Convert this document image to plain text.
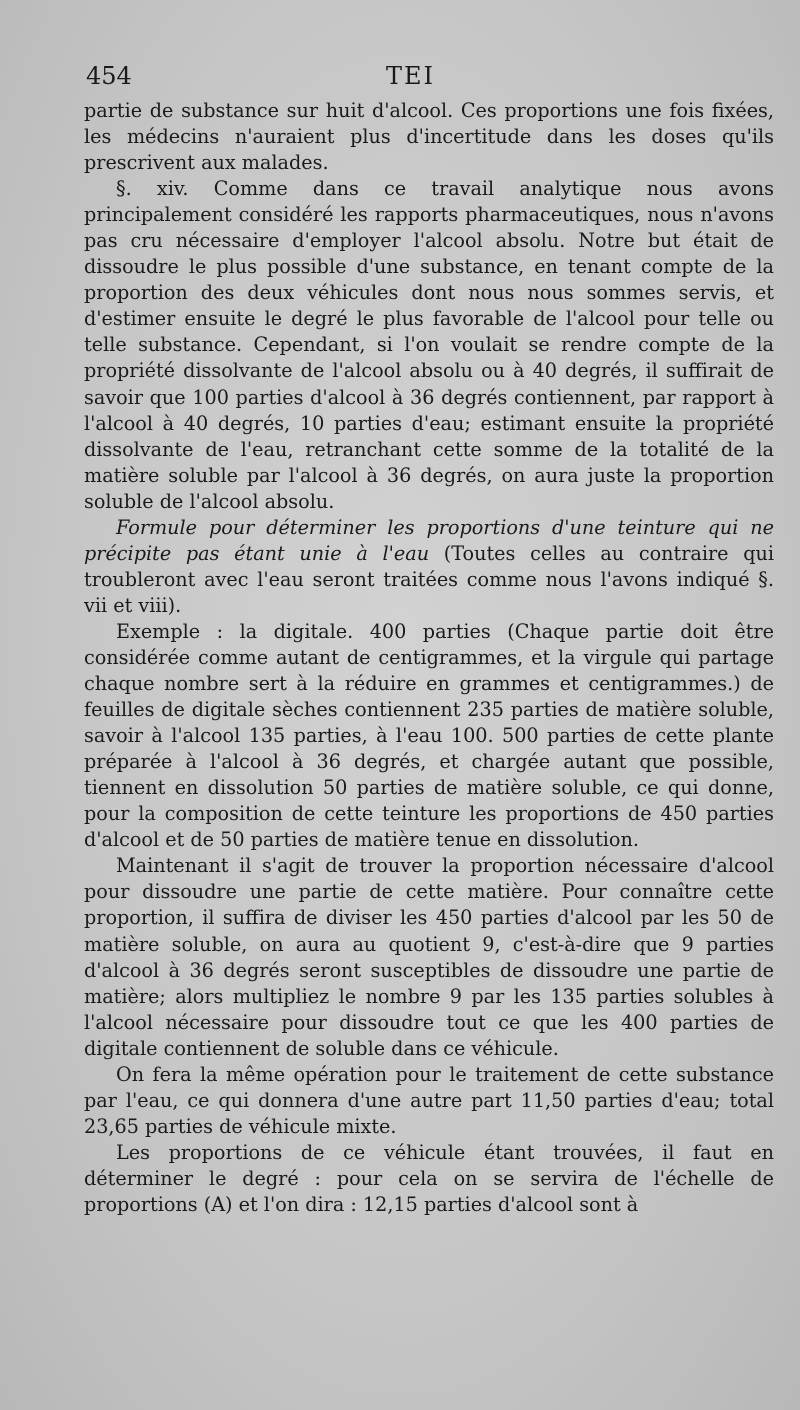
454	TEI

partie de substance sur huit d'alcool. Ces proportions une fois fixées, les médecins n'auraient plus d'incertitude dans les doses qu'ils prescrivent aux malades.

§. xiv. Comme dans ce travail analytique nous avons principalement considéré les rapports pharmaceutiques, nous n'avons pas cru nécessaire d'employer l'alcool absolu. Notre but était de dissoudre le plus possible d'une substance, en tenant compte de la proportion des deux véhicules dont nous nous sommes servis, et d'estimer ensuite le degré le plus favorable de l'alcool pour telle ou telle substance. Cependant, si l'on voulait se rendre compte de la propriété dissolvante de l'alcool absolu ou à 40 degrés, il suffirait de savoir que 100 parties d'alcool à 36 degrés contiennent, par rapport à l'alcool à 40 degrés, 10 parties d'eau; estimant ensuite la propriété dissolvante de l'eau, retranchant cette somme de la totalité de la matière soluble par l'alcool à 36 degrés, on aura juste la proportion soluble de l'alcool absolu.

Formule pour déterminer les proportions d'une teinture qui ne précipite pas étant unie à l'eau (Toutes celles au contraire qui troubleront avec l'eau seront traitées comme nous l'avons indiqué §. vii et viii).

Exemple : la digitale. 400 parties (Chaque partie doit être considérée comme autant de centigrammes, et la virgule qui partage chaque nombre sert à la réduire en grammes et centigrammes.) de feuilles de digitale sèches contiennent 235 parties de matière soluble, savoir à l'alcool 135 parties, à l'eau 100. 500 parties de cette plante préparée à l'alcool à 36 degrés, et chargée autant que possible, tiennent en dissolution 50 parties de matière soluble, ce qui donne, pour la composition de cette teinture les proportions de 450 parties d'alcool et de 50 parties de matière tenue en dissolution.

Maintenant il s'agit de trouver la proportion nécessaire d'alcool pour dissoudre une partie de cette matière. Pour connaître cette proportion, il suffira de diviser les 450 parties d'alcool par les 50 de matière soluble, on aura au quotient 9, c'est-à-dire que 9 parties d'alcool à 36 degrés seront susceptibles de dissoudre une partie de matière; alors multipliez le nombre 9 par les 135 parties solubles à l'alcool nécessaire pour dissoudre tout ce que les 400 parties de digitale contiennent de soluble dans ce véhicule.

On fera la même opération pour le traitement de cette substance par l'eau, ce qui donnera d'une autre part 11,50 parties d'eau; total 23,65 parties de véhicule mixte.

Les proportions de ce véhicule étant trouvées, il faut en déterminer le degré : pour cela on se servira de l'échelle de proportions (A) et l'on dira : 12,15 parties d'alcool sont à
